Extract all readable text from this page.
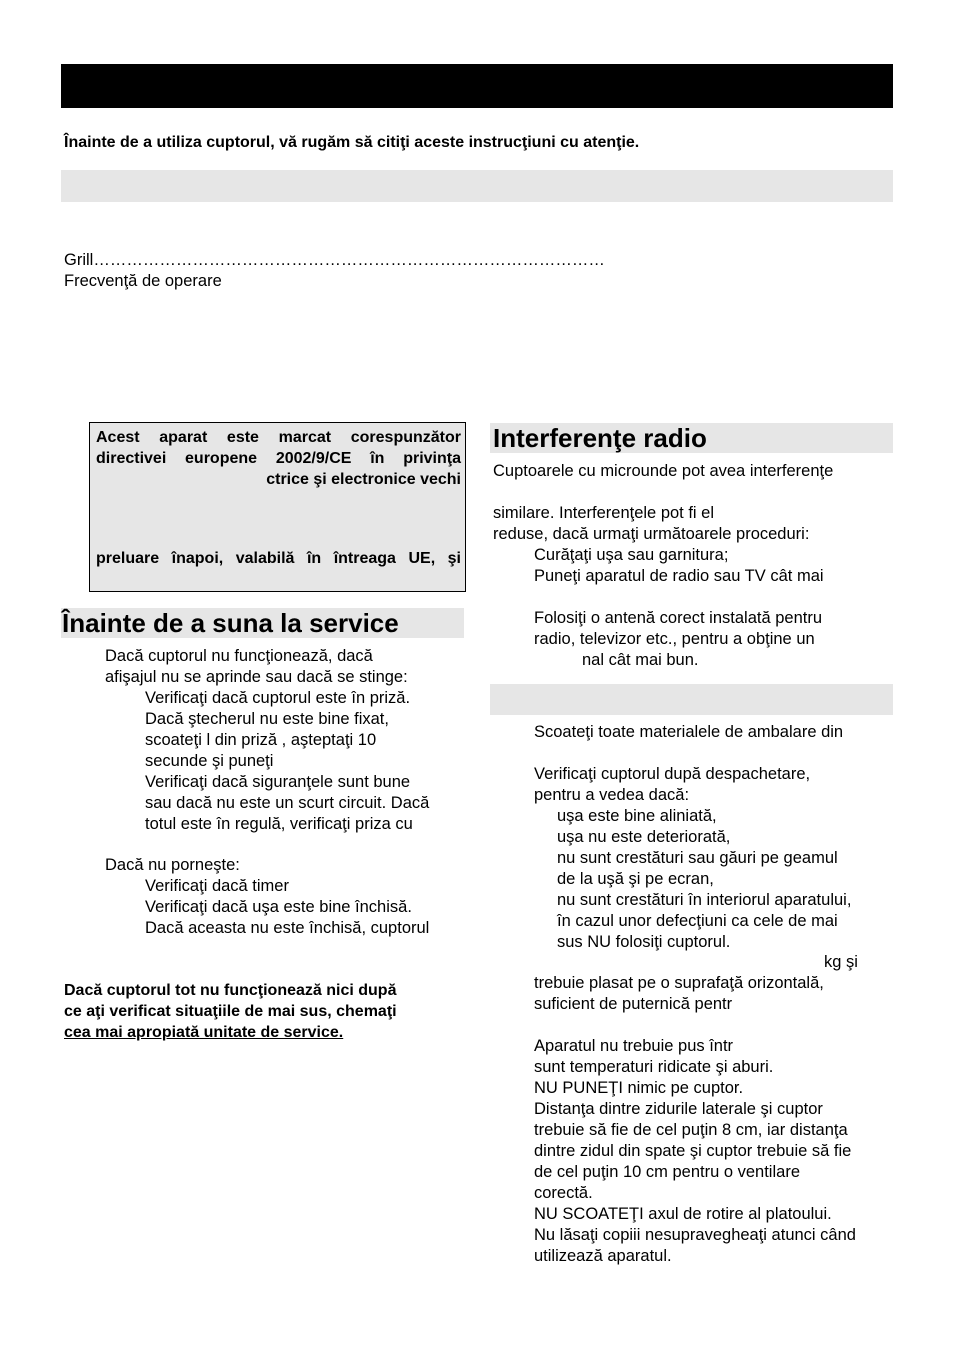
Înainte de a utiliza cuptorul, vă rugăm să citiţi aceste instrucţiuni cu atenţie.
Grill…………………………………………………………………………………
Frecvenţă de operare
Acest aparat este marcat corespunzător
directivei europene 2002/9/CE în privinţa
ctrice şi electronice vechi
preluare înapoi, valabilă în întreaga UE, şi
Înainte de a suna la service
Dacă cuptorul nu funcţionează, dacă
afişajul nu se aprinde sau dacă se stinge:
Verificaţi dacă cuptorul este în priză.
Dacă ştecherul nu este bine fixat,
scoateţi l din priză , aşteptaţi 10
secunde şi puneţi
Verificaţi dacă siguranţele sunt bune
sau dacă nu este un scurt circuit. Dacă
totul este în regulă, verificaţi priza cu
Dacă nu porneşte:
Verificaţi dacă timer
Verificaţi dacă uşa este bine închisă.
Dacă aceasta nu este închisă, cuptorul
Dacă cuptorul tot nu funcţionează nici după
ce aţi verificat situaţiile de mai sus, chemaţi
cea mai apropiată unitate de service.
Interferenţe radio
Cuptoarele cu microunde pot avea interferenţe
similare. Interferenţele pot fi el
reduse, dacă urmaţi următoarele proceduri:
Curăţaţi uşa sau garnitura;
Puneţi aparatul de radio sau TV cât mai
Folosiţi o antenă corect instalată pentru
radio, televizor etc., pentru a obţine un
nal cât mai bun.
Scoateţi toate materialele de ambalare din
Verificaţi cuptorul după despachetare,
pentru a vedea dacă:
uşa este bine aliniată,
uşa nu este deteriorată,
nu sunt crestături sau găuri pe geamul
de la uşă şi pe ecran,
nu sunt crestături în interiorul aparatului,
în cazul unor defecţiuni ca cele de mai
sus NU folosiţi cuptorul.
kg şi
trebuie plasat pe o suprafaţă orizontală,
suficient de puternică pentr
Aparatul nu trebuie pus într
sunt temperaturi ridicate şi aburi.
NU PUNEŢI nimic pe cuptor.
Distanţa dintre zidurile laterale şi cuptor
trebuie să fie de cel puţin 8 cm, iar distanţa
dintre zidul din spate şi cuptor trebuie să fie
de cel puţin 10 cm pentru o ventilare
corectă.
NU SCOATEŢI axul de rotire al platoului.
Nu lăsaţi copiii nesupravegheaţi atunci când
utilizează aparatul.
